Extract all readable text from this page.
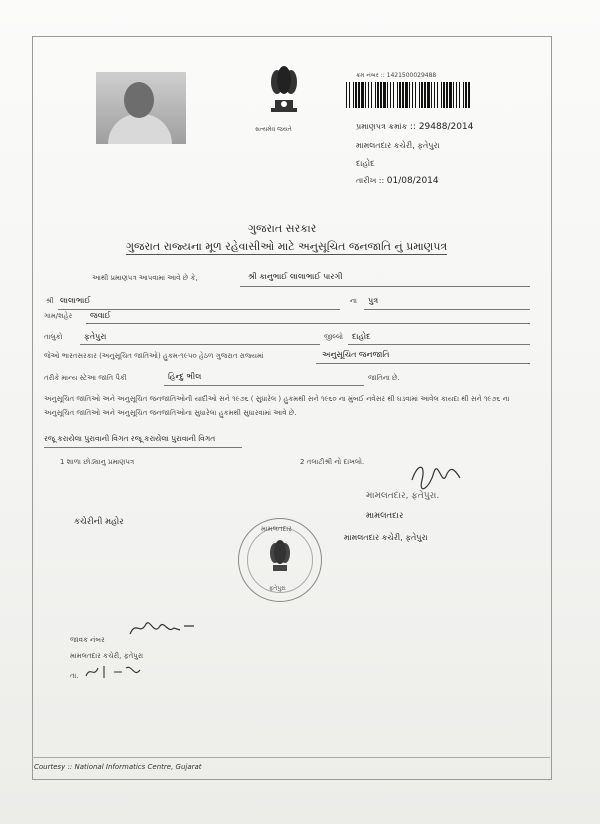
સત્યમેવ જયતે
ક્રમ નંબર :: 1421500029488
પ્રમાણપત્ર ક્રમાંક :: 29488/2014
મામલતદાર કચેરી, ફતેપુરા
દાહોદ
તારીખ :: 01/08/2014
ગુજરાત સરકાર
ગુજરાત રાજ્યના મૂળ રહેવાસીઓ માટે અનુસૂચિત જનજાતિ નું પ્રમાણપત્ર
આથી પ્રમાણપત્ર આપવામા આવે છે કે,	શ્રી કાનુભાઈ લાલાભાઈ પારગી
શ્રી લાલાભાઈ	ના પુત્ર
ગામ/શહેર જવાઈ
તાલુકો	ફતેપુરા	જીલ્લો દાહોદ
જેઓ ભારતસરકાર (અનુસૂચિત જાતિઓ) હુકમ-૧૯૫૦ હેઠળ ગુજરાત રાજ્યમાં	અનુસૂચિત જનજાતિ
તરીકે માન્ય સ્ટેઆ જાતિ પૈકી	હિન્દુ ભીલ	જાતિના છે.
અનુસૂચિત જાતિઓ અને અનુસૂચિત જનજાતિઓની યાદીઓ સને ૧૯૭૬ ( સુધારેલ ) હુકમથી સને ૧૯૬૦ ના મુંબઈ નવેસર થી ઘડવામાં આવેલ કાયદા થી સને ૧૯૭૬ ના અનુસૂચિત જાતિઓ અને અનુસૂચિત જનજાતિઓના સુધારેલા હુકમથી સુધારવામાં આવે છે.
રજૂ કરાયેલા પુરાવાની વિગત રજૂ કરાયેલા પુરાવાની વિગત
1 શાળા છોડ્યાનુ પ્રમાણપત્ર	2 તલાટીશ્રી નો દાખલો.
મામલતદાર, ફતેપુરા.
મામલતદાર
મામલતદાર કચેરી, ફતેપુરા
કચેરીની મહોર
મામલતદાર
ફતેપુરા
જાવક નંબર
મામલતદાર કચેરી, ફતેપુરા
તા.
Courtesy :: National Informatics Centre, Gujarat
